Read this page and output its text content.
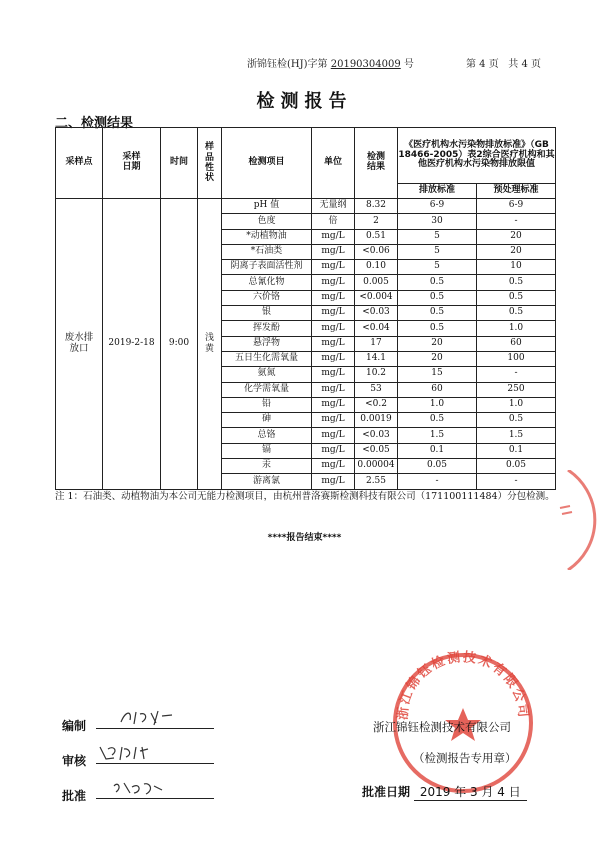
浙锦钰检(HJ)字第 20190304009 号	第 4 页 共 4 页
检测报告
二、检测结果
采样点	采样日期	时间	样品性状	检测项目	单位	检测结果	《医疗机构水污染物排放标准》（GB 18466-2005）表2综合医疗机构和其他医疗机构水污染物排放限值	
							排放标准	预处理标准

废水排放口	2019-2-18	9:00	浅黄	pH 值	无量纲	8.32	6-9	6-9
				色度	倍	2	30	-
				*动植物油	mg/L	0.51	5	20
				*石油类	mg/L	<0.06	5	20
				阴离子表面活性剂	mg/L	0.10	5	10
				总氰化物	mg/L	0.005	0.5	0.5
				六价铬	mg/L	<0.004	0.5	0.5
				银	mg/L	<0.03	0.5	0.5
				挥发酚	mg/L	<0.04	0.5	1.0
				悬浮物	mg/L	17	20	60
				五日生化需氧量	mg/L	14.1	20	100
				氨氮	mg/L	10.2	15	-
				化学需氧量	mg/L	53	60	250
				铅	mg/L	<0.2	1.0	1.0
				砷	mg/L	0.0019	0.5	0.5
				总铬	mg/L	<0.03	1.5	1.5
				镉	mg/L	<0.05	0.1	0.1
				汞	mg/L	0.00004	0.05	0.05
				游离氯	mg/L	2.55	-	-
注 1：石油类、动植物油为本公司无能力检测项目，由杭州普洛赛斯检测科技有限公司（171100111484）分包检测。
****报告结束****
编制
审核
批准
浙江锦钰检测技术有限公司
浙江锦钰检测技术有限公司
（检测报告专用章）
批准日期 2019 年 3 月 4 日
